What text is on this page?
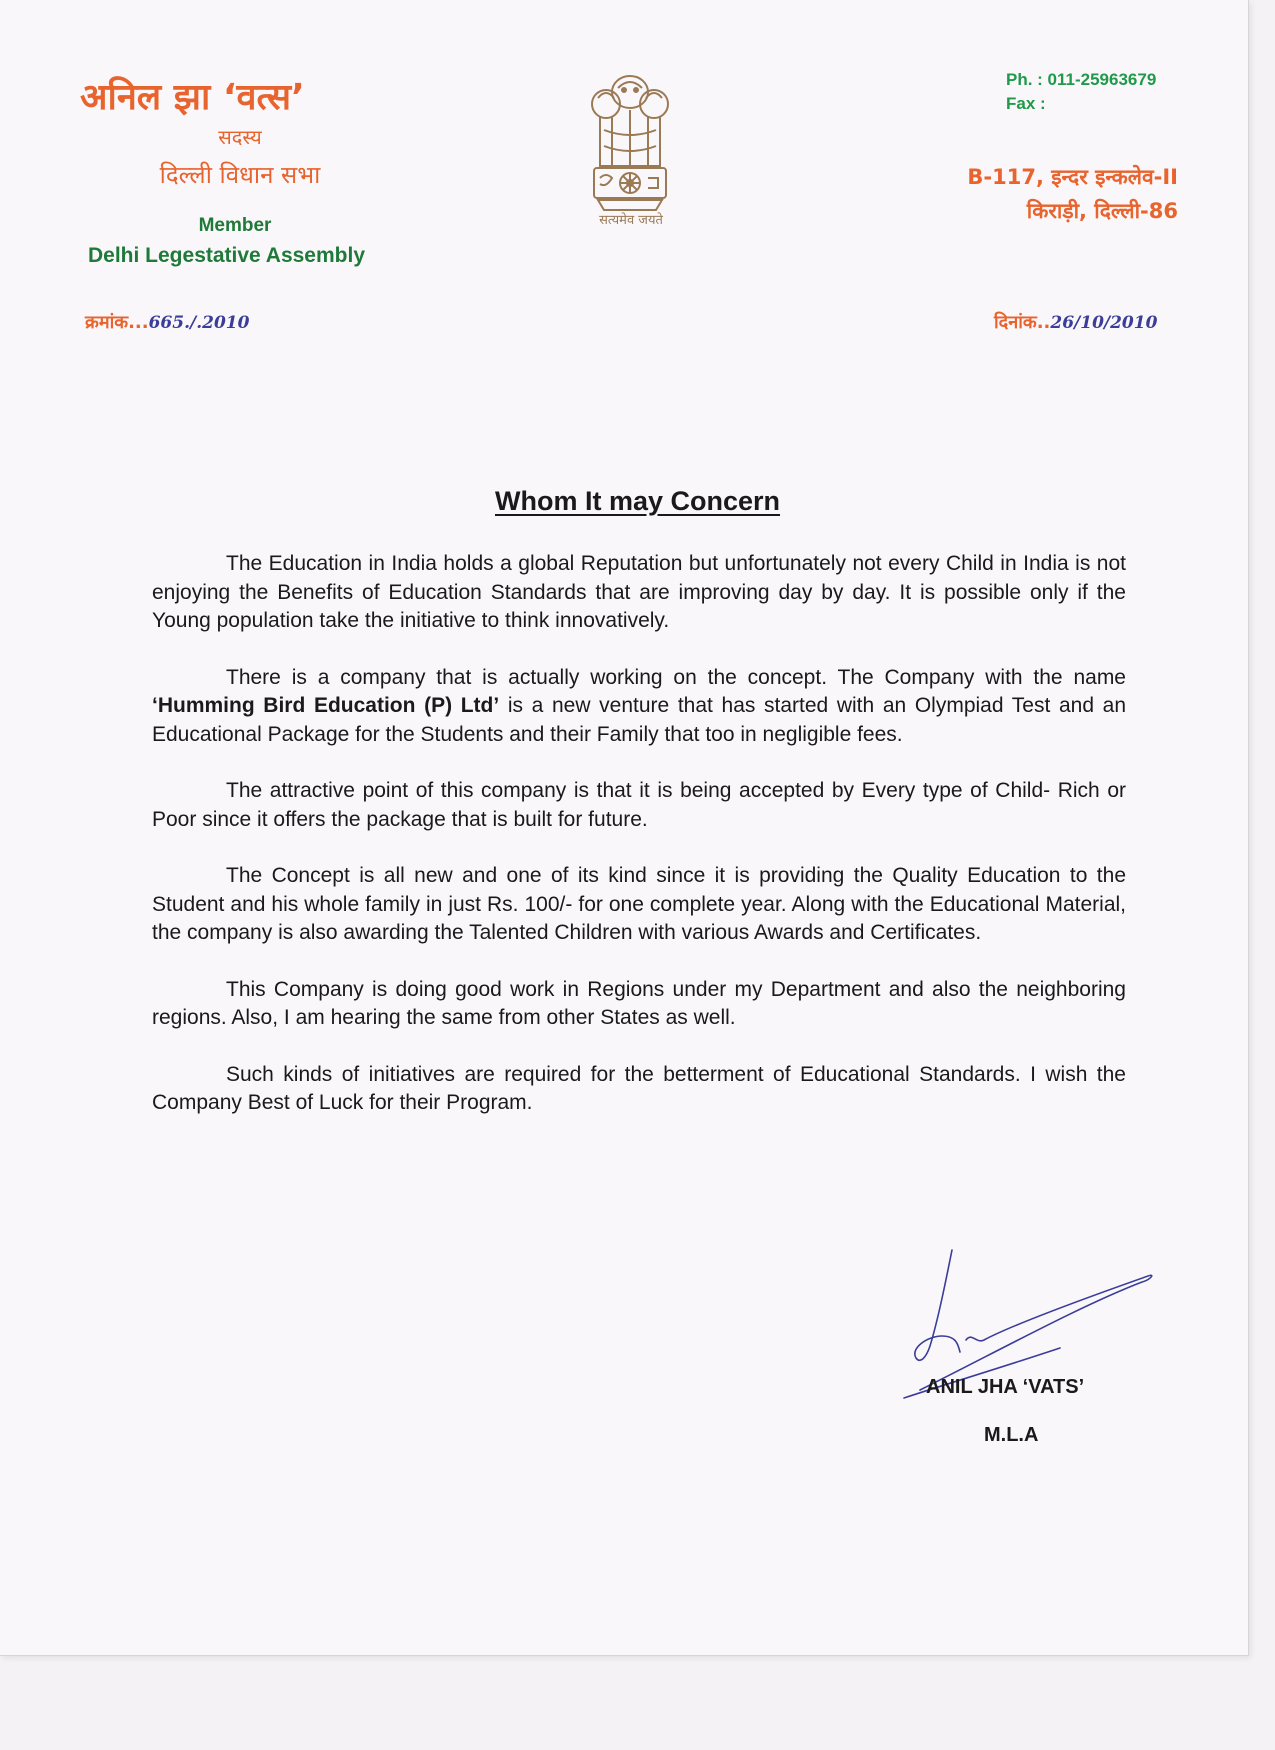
अनिल झा ‘वत्स’
सदस्य
दिल्ली विधान सभा
Member
Delhi Legestative Assembly
सत्यमेव जयते
Ph. : 011-25963679
Fax :
B-117, इन्दर इन्कलेव-II
किराड़ी, दिल्ली-86
क्रमांक...665./.2010	दिनांक..26/10/2010
Whom It may Concern

The Education in India holds a global Reputation but unfortunately not every Child in India is not enjoying the Benefits of Education Standards that are improving day by day. It is possible only if the Young population take the initiative to think innovatively.

There is a company that is actually working on the concept. The Company with the name ‘Humming Bird Education (P) Ltd’ is a new venture that has started with an Olympiad Test and an Educational Package for the Students and their Family that too in negligible fees.

The attractive point of this company is that it is being accepted by Every type of Child- Rich or Poor since it offers the package that is built for future.

The Concept is all new and one of its kind since it is providing the Quality Education to the Student and his whole family in just Rs. 100/- for one complete year. Along with the Educational Material, the company is also awarding the Talented Children with various Awards and Certificates.

This Company is doing good work in Regions under my Department and also the neighboring regions. Also, I am hearing the same from other States as well.

Such kinds of initiatives are required for the betterment of Educational Standards. I wish the Company Best of Luck for their Program.

ANIL JHA ‘VATS’
M.L.A
